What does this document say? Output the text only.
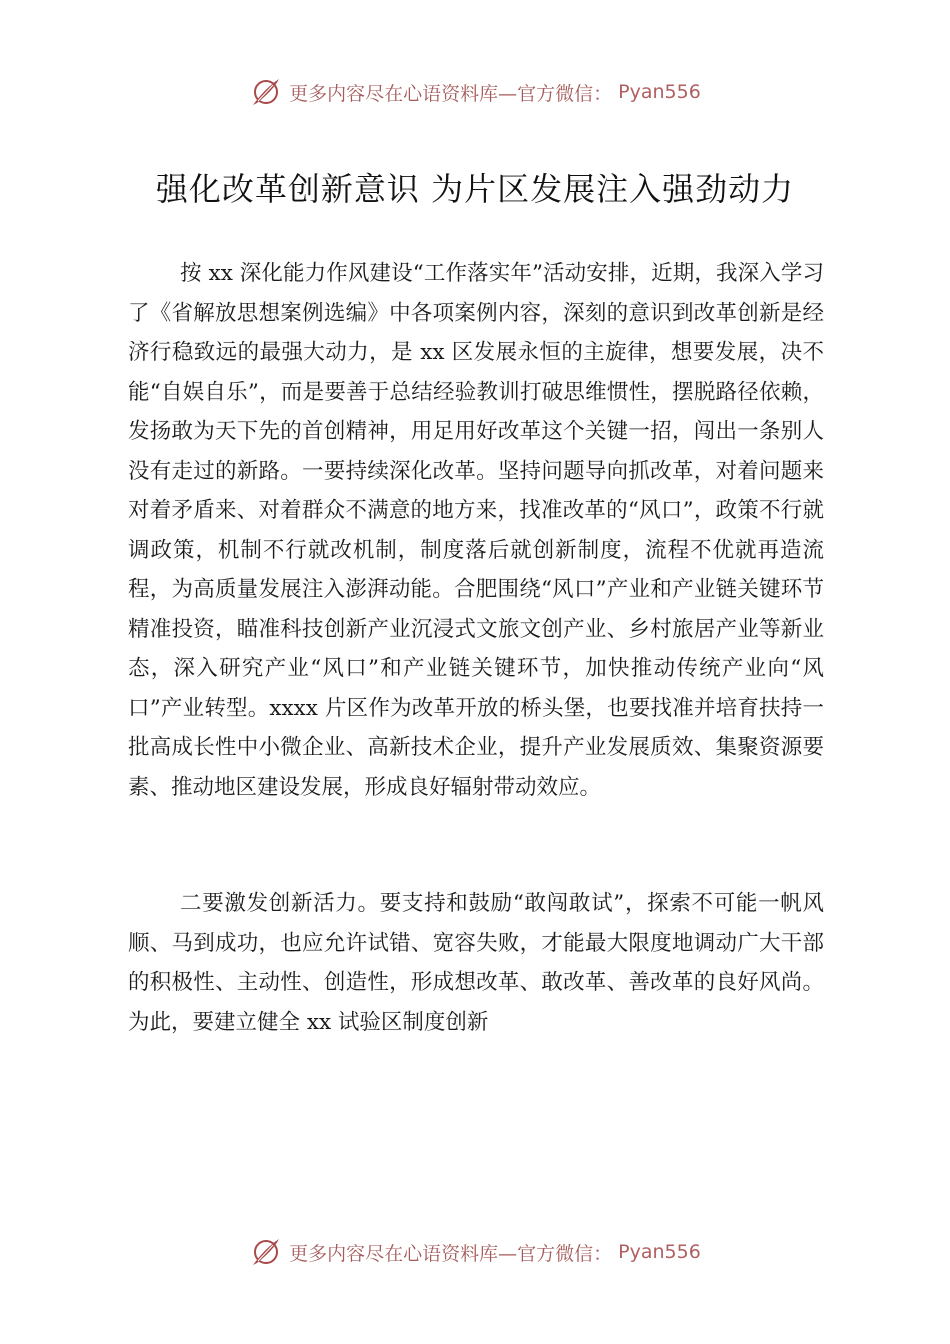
更多内容尽在心语资料库—官方微信： Pyan556
强化改革创新意识 为片区发展注入强劲动力

按 xx 深化能力作风建设“工作落实年”活动安排，近期，我深入学习了《省解放思想案例选编》中各项案例内容，深刻的意识到改革创新是经济行稳致远的最强大动力，是 xx 区发展永恒的主旋律，想要发展，决不能“自娱自乐”，而是要善于总结经验教训打破思维惯性，摆脱路径依赖，发扬敢为天下先的首创精神，用足用好改革这个关键一招，闯出一条别人没有走过的新路。一要持续深化改革。坚持问题导向抓改革，对着问题来对着矛盾来、对着群众不满意的地方来，找准改革的“风口”，政策不行就调政策，机制不行就改机制，制度落后就创新制度，流程不优就再造流程，为高质量发展注入澎湃动能。合肥围绕“风口”产业和产业链关键环节精准投资，瞄准科技创新产业沉浸式文旅文创产业、乡村旅居产业等新业态，深入研究产业“风口”和产业链关键环节，加快推动传统产业向“风口”产业转型。xxxx 片区作为改革开放的桥头堡，也要找准并培育扶持一批高成长性中小微企业、高新技术企业，提升产业发展质效、集聚资源要素、推动地区建设发展，形成良好辐射带动效应。

二要激发创新活力。要支持和鼓励“敢闯敢试”，探索不可能一帆风顺、马到成功，也应允许试错、宽容失败，才能最大限度地调动广大干部的积极性、主动性、创造性，形成想改革、敢改革、善改革的良好风尚。为此，要建立健全 xx 试验区制度创新

更多内容尽在心语资料库—官方微信： Pyan556
